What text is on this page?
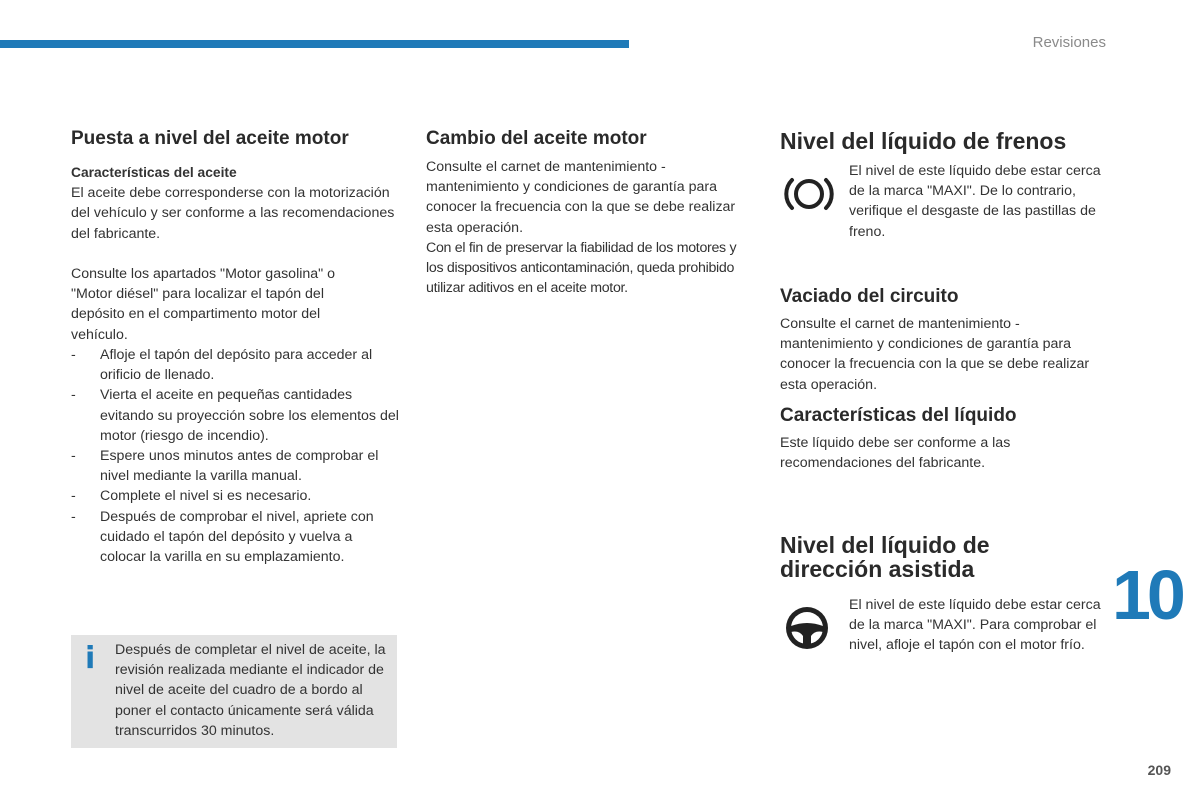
Revisiones
Puesta a nivel del aceite motor

Características del aceite

El aceite debe corresponderse con la motorización del vehículo y ser conforme a las recomendaciones del fabricante.

Consulte los apartados "Motor gasolina" o "Motor diésel" para localizar el tapón del depósito en el compartimento motor del vehículo.

- Afloje el tapón del depósito para acceder al orificio de llenado.
- Vierta el aceite en pequeñas cantidades evitando su proyección sobre los elementos del motor (riesgo de incendio).
- Espere unos minutos antes de comprobar el nivel mediante la varilla manual.
- Complete el nivel si es necesario.
- Después de comprobar el nivel, apriete con cuidado el tapón del depósito y vuelva a colocar la varilla en su emplazamiento.
i Después de completar el nivel de aceite, la revisión realizada mediante el indicador de nivel de aceite del cuadro de a bordo al poner el contacto únicamente será válida transcurridos 30 minutos.
Cambio del aceite motor

Consulte el carnet de mantenimiento - mantenimiento y condiciones de garantía para conocer la frecuencia con la que se debe realizar esta operación.

Con el fin de preservar la fiabilidad de los motores y los dispositivos anticontaminación, queda prohibido utilizar aditivos en el aceite motor.

Nivel del líquido de frenos

El nivel de este líquido debe estar cerca de la marca "MAXI". De lo contrario, verifique el desgaste de las pastillas de freno.

Vaciado del circuito

Consulte el carnet de mantenimiento - mantenimiento y condiciones de garantía para conocer la frecuencia con la que se debe realizar esta operación.

Características del líquido

Este líquido debe ser conforme a las recomendaciones del fabricante.

Nivel del líquido de
dirección asistida

El nivel de este líquido debe estar cerca de la marca "MAXI". Para comprobar el nivel, afloje el tapón con el motor frío.

10
209
